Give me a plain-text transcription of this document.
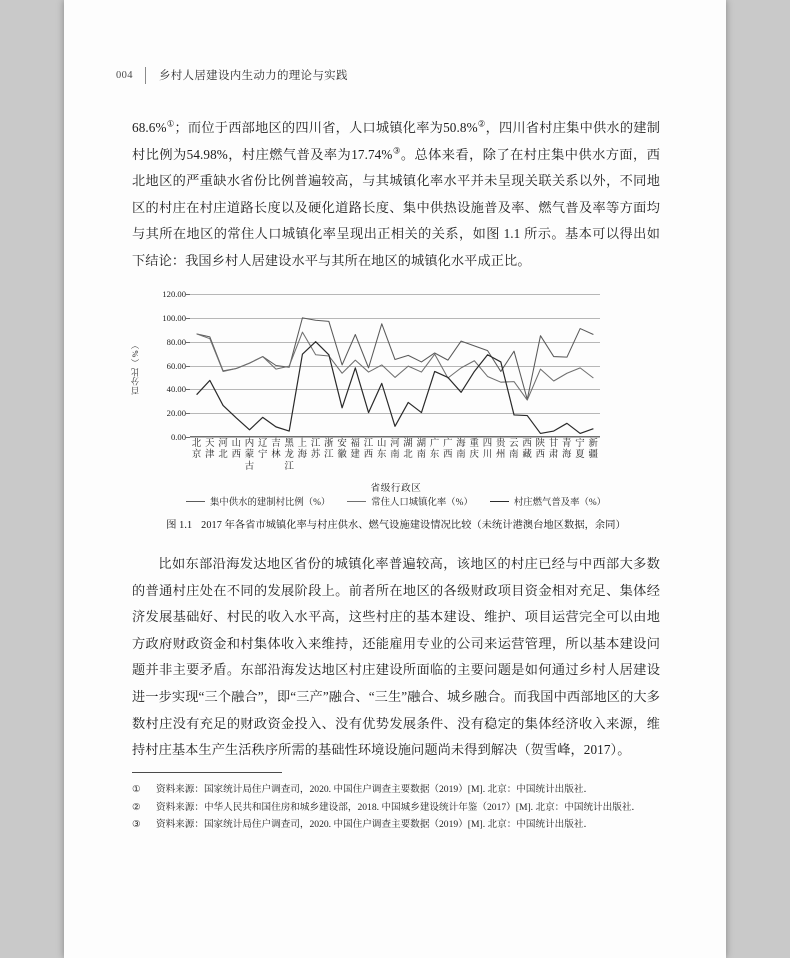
004	乡村人居建设内生动力的理论与实践
68.6%①；而位于西部地区的四川省，人口城镇化率为50.8%②，四川省村庄集中供水的建制村比例为54.98%，村庄燃气普及率为17.74%③。总体来看，除了在村庄集中供水方面，西北地区的严重缺水省份比例普遍较高，与其城镇化率水平并未呈现关联关系以外，不同地区的村庄在村庄道路长度以及硬化道路长度、集中供热设施普及率、燃气普及率等方面均与其所在地区的常住人口城镇化率呈现出正相关的关系，如图 1.1 所示。基本可以得出如下结论：我国乡村人居建设水平与其所在地区的城镇化水平成正比。
百分比（%）
0.00
20.00
40.00
60.00
80.00
100.00
120.00
北
京
天
津
河
北
山
西
内
蒙
古
辽
宁
吉
林
黑
龙
江
上
海
江
苏
浙
江
安
徽
福
建
江
西
山
东
河
南
湖
北
湖
南
广
东
广
西
海
南
重
庆
四
川
贵
州
云
南
西
藏
陕
西
甘
肃
青
海
宁
夏
新
疆
省级行政区
集中供水的建制村比例（%）	常住人口城镇化率（%）	村庄燃气普及率（%）
图 1.1 2017 年各省市城镇化率与村庄供水、燃气设施建设情况比较（未统计港澳台地区数据，余同）
比如东部沿海发达地区省份的城镇化率普遍较高，该地区的村庄已经与中西部大多数的普通村庄处在不同的发展阶段上。前者所在地区的各级财政项目资金相对充足、集体经济发展基础好、村民的收入水平高，这些村庄的基本建设、维护、项目运营完全可以由地方政府财政资金和村集体收入来维持，还能雇用专业的公司来运营管理，所以基本建设问题并非主要矛盾。东部沿海发达地区村庄建设所面临的主要问题是如何通过乡村人居建设进一步实现“三个融合”，即“三产”融合、“三生”融合、城乡融合。而我国中西部地区的大多数村庄没有充足的财政资金投入、没有优势发展条件、没有稳定的集体经济收入来源，维持村庄基本生产生活秩序所需的基础性环境设施问题尚未得到解决（贺雪峰，2017）。
①	资料来源：国家统计局住户调查司，2020. 中国住户调查主要数据（2019）[M]. 北京：中国统计出版社．
②	资料来源：中华人民共和国住房和城乡建设部，2018. 中国城乡建设统计年鉴（2017）[M]. 北京：中国统计出版社．
③	资料来源：国家统计局住户调查司，2020. 中国住户调查主要数据（2019）[M]. 北京：中国统计出版社．
